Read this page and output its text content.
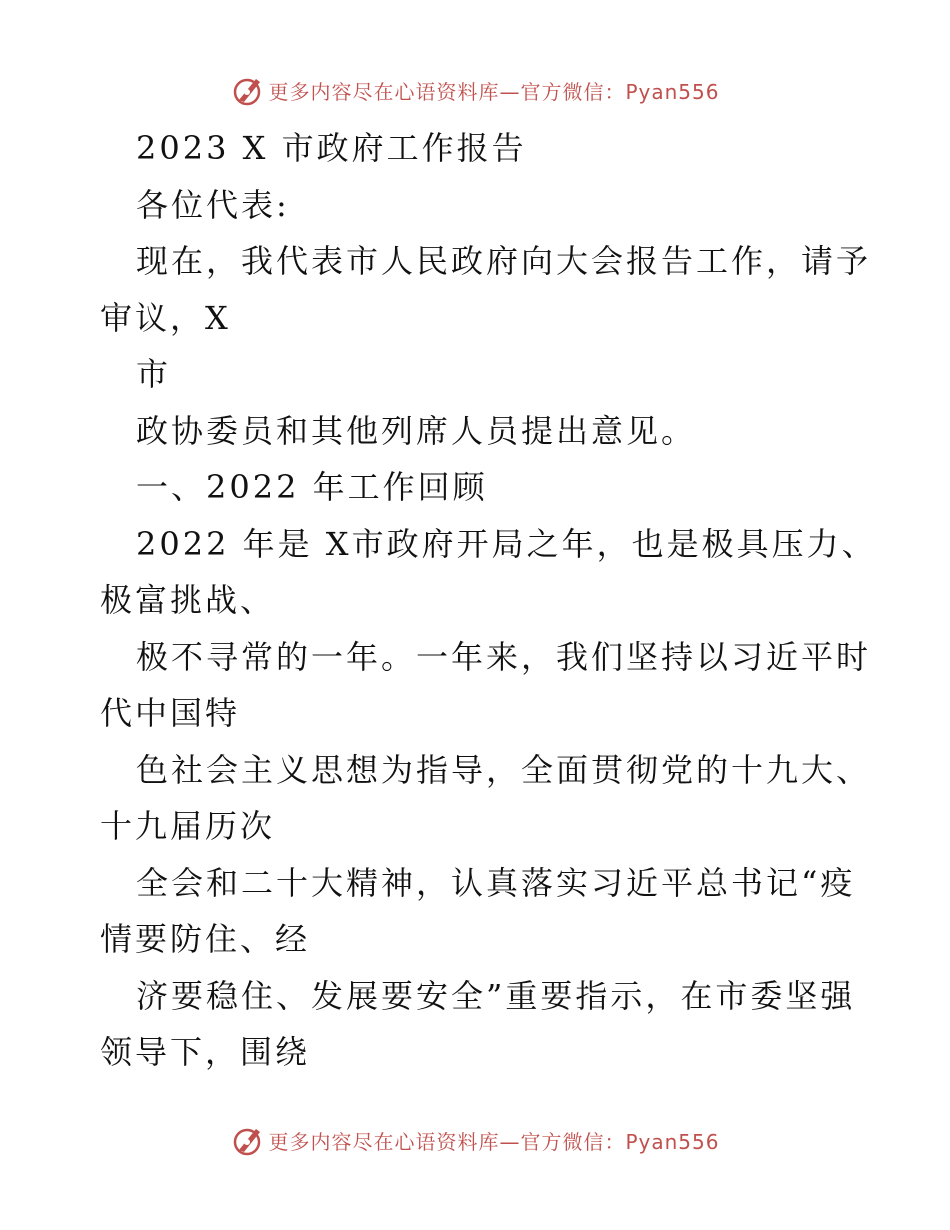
更多内容尽在心语资料库—官方微信：Pyan556
2023 X 市政府工作报告
各位代表:
现在，我代表市人民政府向大会报告工作，请予
审议，X
市
政协委员和其他列席人员提出意见。
一、2022 年工作回顾
2022 年是 X市政府开局之年，也是极具压力、
极富挑战、
极不寻常的一年。一年来，我们坚持以习近平时
代中国特
色社会主义思想为指导，全面贯彻党的十九大、
十九届历次
全会和二十大精神，认真落实习近平总书记“疫
情要防住、经
济要稳住、发展要安全”重要指示，在市委坚强
领导下，围绕
更多内容尽在心语资料库—官方微信：Pyan556
